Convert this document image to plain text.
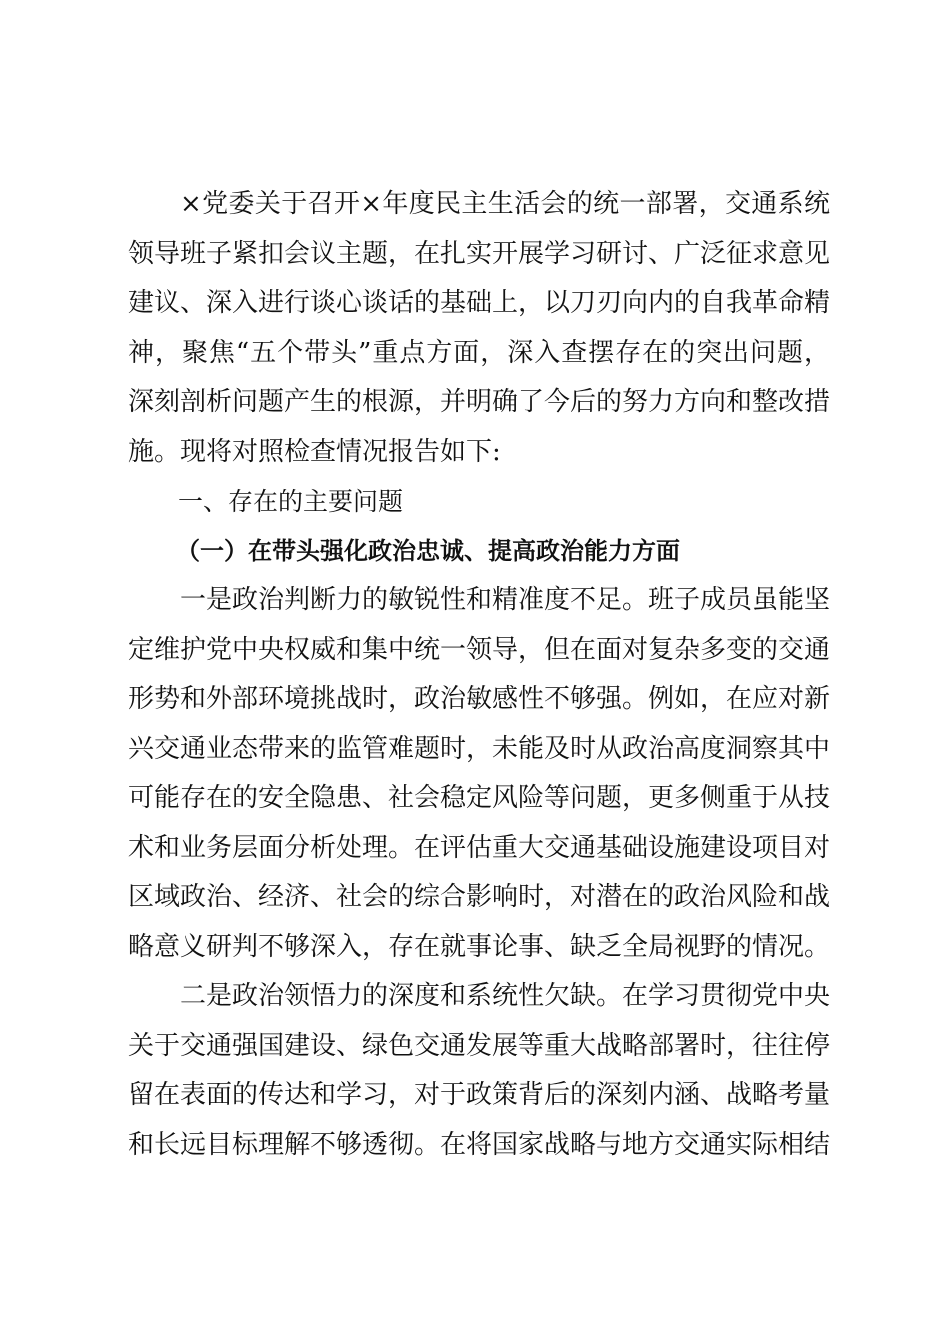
×党委关于召开×年度民主生活会的统一部署，交通系统领导班子紧扣会议主题，在扎实开展学习研讨、广泛征求意见建议、深入进行谈心谈话的基础上，以刀刃向内的自我革命精神，聚焦“五个带头”重点方面，深入查摆存在的突出问题，深刻剖析问题产生的根源，并明确了今后的努力方向和整改措施。现将对照检查情况报告如下:

一、存在的主要问题

（一）在带头强化政治忠诚、提高政治能力方面

一是政治判断力的敏锐性和精准度不足。班子成员虽能坚定维护党中央权威和集中统一领导，但在面对复杂多变的交通形势和外部环境挑战时，政治敏感性不够强。例如，在应对新兴交通业态带来的监管难题时，未能及时从政治高度洞察其中可能存在的安全隐患、社会稳定风险等问题，更多侧重于从技术和业务层面分析处理。在评估重大交通基础设施建设项目对区域政治、经济、社会的综合影响时，对潜在的政治风险和战略意义研判不够深入，存在就事论事、缺乏全局视野的情况。

二是政治领悟力的深度和系统性欠缺。在学习贯彻党中央关于交通强国建设、绿色交通发展等重大战略部署时，往往停留在表面的传达和学习，对于政策背后的深刻内涵、战略考量和长远目标理解不够透彻。在将国家战略与地方交通实际相结
